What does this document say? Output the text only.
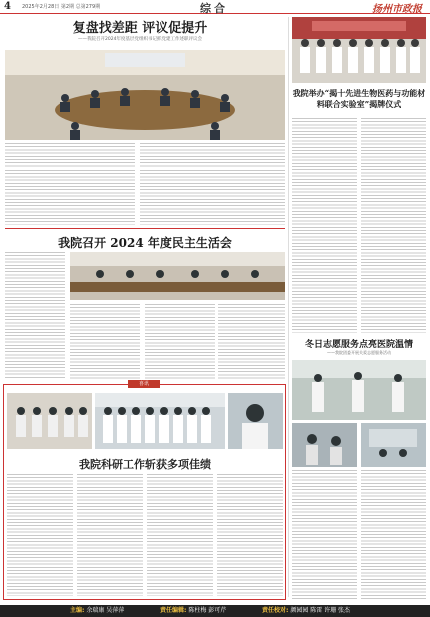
4 2025年2月28日 第2期 总第279期	综合	扬州市政报
复盘找差距 评议促提升
——我院召开2024年度基层党组织书记抓党建工作述职评议会
我院举办“揭十先进生物医药与功能材料联合实验室”揭牌仪式
我院召开 2024 年度民主生活会
冬日志愿服务点亮医院温情
——我院团委开展关爱志愿服务活动
喜讯
我院科研工作斩获多项佳绩
主编: 余瑞康 吴萍萍	责任编辑: 陈柱梅 彭可芹	责任校对: 颜园园 陈雷 许珊 张杰
